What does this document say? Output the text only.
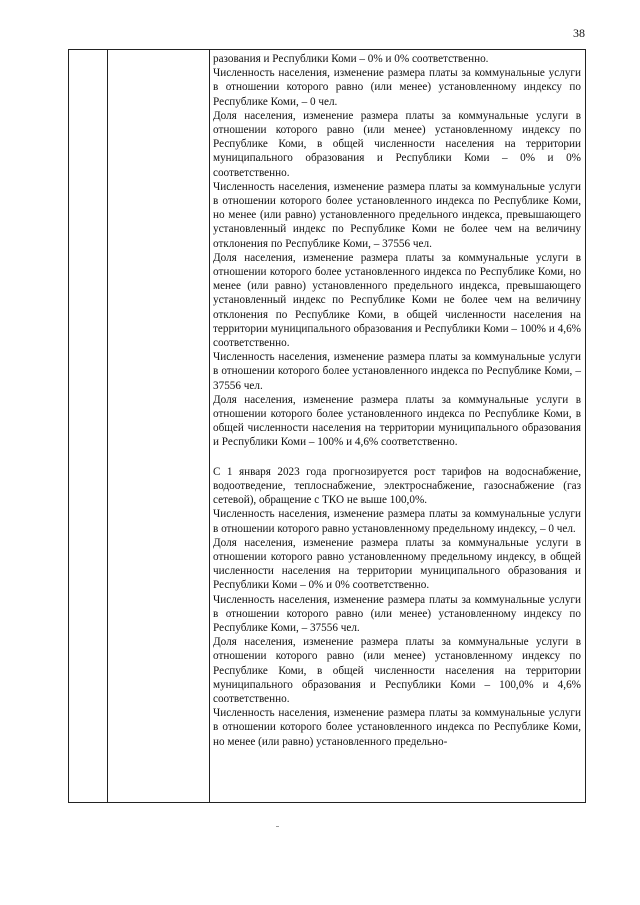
38

разования и Республики Коми – 0% и 0% соответственно.

Численность населения, изменение размера платы за коммунальные услуги в отношении которого равно (или менее) установленному индексу по Республике Коми, – 0 чел.

Доля населения, изменение размера платы за коммунальные услуги в отношении которого равно (или менее) установленному индексу по Республике Коми, в общей численности населения на территории муниципального образования и Республики Коми – 0% и 0% соответственно.

Численность населения, изменение размера платы за коммунальные услуги в отношении которого более установленного индекса по Республике Коми, но менее (или равно) установленного предельного индекса, превышающего установленный индекс по Республике Коми не более чем на величину отклонения по Республике Коми, – 37556 чел.

Доля населения, изменение размера платы за коммунальные услуги в отношении которого более установленного индекса по Республике Коми, но менее (или равно) установленного предельного индекса, превышающего установленный индекс по Республике Коми не более чем на величину отклонения по Республике Коми, в общей численности населения на территории муниципального образования и Республики Коми – 100% и 4,6% соответственно.

Численность населения, изменение размера платы за коммунальные услуги в отношении которого более установленного индекса по Республике Коми, – 37556 чел.

Доля населения, изменение размера платы за коммунальные услуги в отношении которого более установленного индекса по Республике Коми, в общей численности населения на территории муниципального образования и Республики Коми – 100% и 4,6% соответственно.

С 1 января 2023 года прогнозируется рост тарифов на водоснабжение, водоотведение, теплоснабжение, электроснабжение, газоснабжение (газ сетевой), обращение с ТКО не выше 100,0%.

Численность населения, изменение размера платы за коммунальные услуги в отношении которого равно установленному предельному индексу, – 0 чел.

Доля населения, изменение размера платы за коммунальные услуги в отношении которого равно установленному предельному индексу, в общей численности населения на территории муниципального образования и Республики Коми – 0% и 0% соответственно.

Численность населения, изменение размера платы за коммунальные услуги в отношении которого равно (или менее) установленному индексу по Республике Коми, – 37556 чел.

Доля населения, изменение размера платы за коммунальные услуги в отношении которого равно (или менее) установленному индексу по Республике Коми, в общей численности населения на территории муниципального образования и Республики Коми – 100,0% и 4,6% соответственно.

Численность населения, изменение размера платы за коммунальные услуги в отношении которого более установленного индекса по Республике Коми, но менее (или равно) установленного предельно-
